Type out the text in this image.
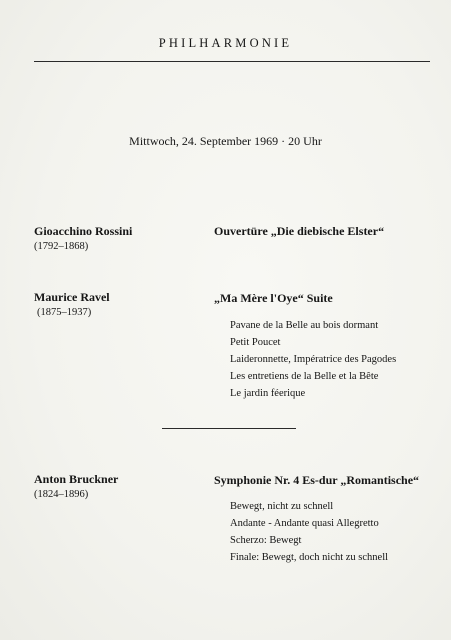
PHILHARMONIE
Mittwoch, 24. September 1969 · 20 Uhr
Gioacchino Rossini
(1792–1868)
Ouvertüre „Die diebische Elster“
Maurice Ravel
(1875–1937)
„Ma Mère l'Oye“ Suite
Pavane de la Belle au bois dormant
Petit Poucet
Laideronnette, Impératrice des Pagodes
Les entretiens de la Belle et la Bête
Le jardin féerique
Anton Bruckner
(1824–1896)
Symphonie Nr. 4 Es-dur „Romantische“
Bewegt, nicht zu schnell
Andante - Andante quasi Allegretto
Scherzo: Bewegt
Finale: Bewegt, doch nicht zu schnell
